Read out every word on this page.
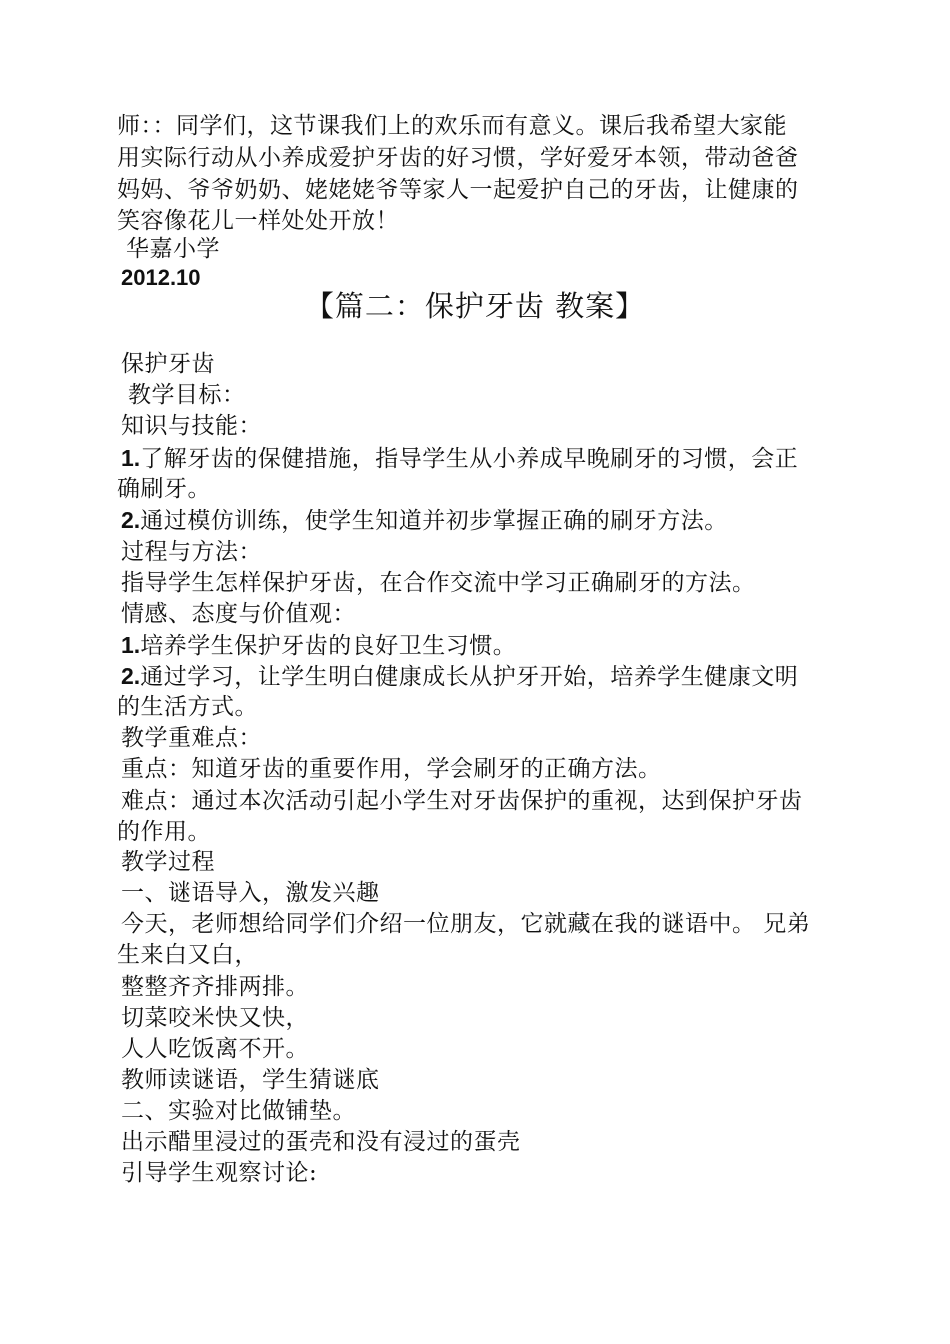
师：：同学们，这节课我们上的欢乐而有意义。课后我希望大家能
用实际行动从小养成爱护牙齿的好习惯，学好爱牙本领，带动爸爸
妈妈、爷爷奶奶、姥姥姥爷等家人一起爱护自己的牙齿，让健康的
笑容像花儿一样处处开放！
华嘉小学
2012.10
【篇二：保护牙齿 教案】
保护牙齿
教学目标：
知识与技能：
1.了解牙齿的保健措施，指导学生从小养成早晚刷牙的习惯，会正
确刷牙。
2.通过模仿训练，使学生知道并初步掌握正确的刷牙方法。
过程与方法：
指导学生怎样保护牙齿，在合作交流中学习正确刷牙的方法。
情感、态度与价值观：
1.培养学生保护牙齿的良好卫生习惯。
2.通过学习，让学生明白健康成长从护牙开始，培养学生健康文明
的生活方式。
教学重难点：
重点：知道牙齿的重要作用，学会刷牙的正确方法。
难点：通过本次活动引起小学生对牙齿保护的重视，达到保护牙齿
的作用。
教学过程
一、谜语导入，激发兴趣
今天，老师想给同学们介绍一位朋友，它就藏在我的谜语中。 兄弟
生来白又白，
整整齐齐排两排。
切菜咬米快又快，
人人吃饭离不开。
教师读谜语，学生猜谜底
二、实验对比做铺垫。
出示醋里浸过的蛋壳和没有浸过的蛋壳
引导学生观察讨论:
